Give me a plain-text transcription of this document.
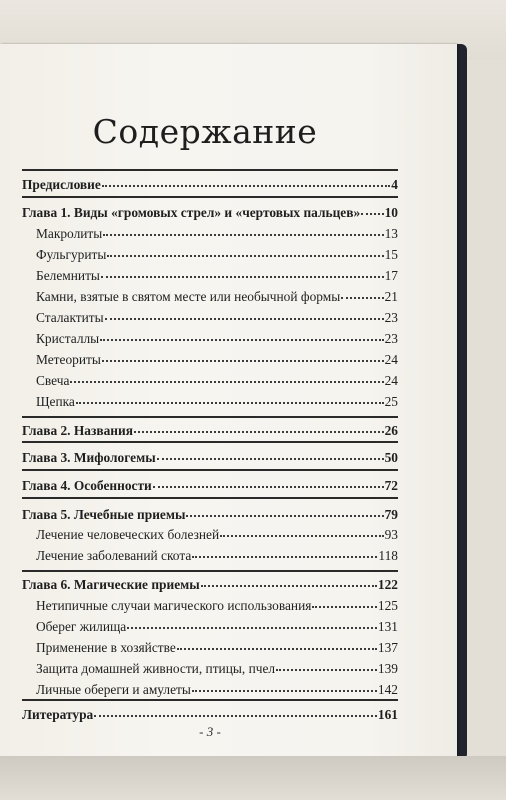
Содержание
Предисловие	4
Глава 1. Виды «громовых стрел» и «чертовых пальцев» 10
Макролиты	13
Фульгуриты	15
Белемниты	17
Камни, взятые в святом месте или необычной формы	21
Сталактиты	23
Кристаллы	23
Метеориты	24
Свеча	24
Щепка	25
Глава 2. Названия	26
Глава 3. Мифологемы	50
Глава 4. Особенности	72
Глава 5. Лечебные приемы	79
Лечение человеческих болезней	93
Лечение заболеваний скота	118
Глава 6. Магические приемы	122
Нетипичные случаи магического использования	125
Оберег жилища	131
Применение в хозяйстве	137
Защита домашней живности, птицы, пчел	139
Личные обереги и амулеты	142
Литература	161
- 3 -
